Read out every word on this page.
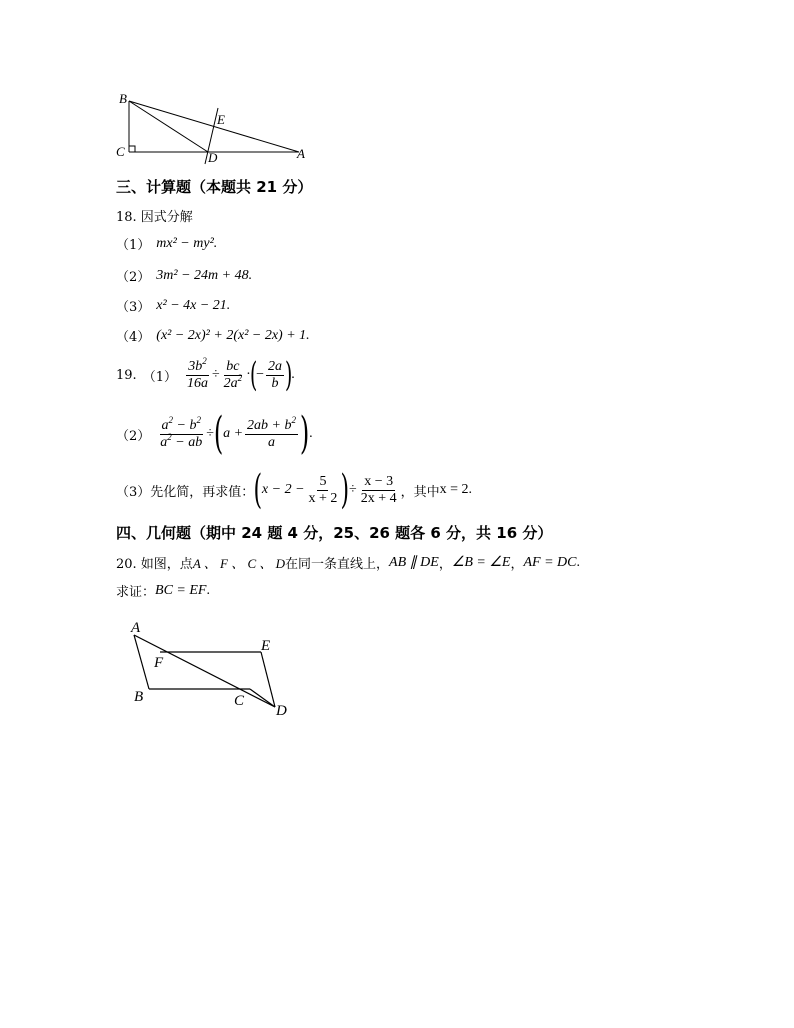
B
C	D
E
A
三、计算题（本题共 21 分）
18. 因式分解
（1） mx² − my².
（2） 3m² − 24m + 48.
（3） x² − 4x − 21.
（4） (x² − 2x)² + 2(x² − 2x) + 1.
19. $(1) \frac{3b^2}{16a} \div \frac{bc}{2a^2}$ ·
(
− $\frac{2a}{b}$ )
.
$(2) \frac{a^2 - b^2}{a^2 - ab}$ ÷ ( $a + \frac{2ab + b^2}{a}$ ) .
（3） 先化简，再求值： ( $x - 2 - \frac{5}{x + 2}$ ) ÷ $\frac{x - 3}{2x + 4}$ ，其中 x = 2.
四、几何题（期中 24 题 4 分，25、26 题各 6 分，共 16 分）
20. 如图，点 A 、 F 、 C 、 D 在同一条直线上， AB ∥ DE ， ∠B = ∠E ， AF = DC .
求证： BC = EF .
A
F
E
B	C
D
